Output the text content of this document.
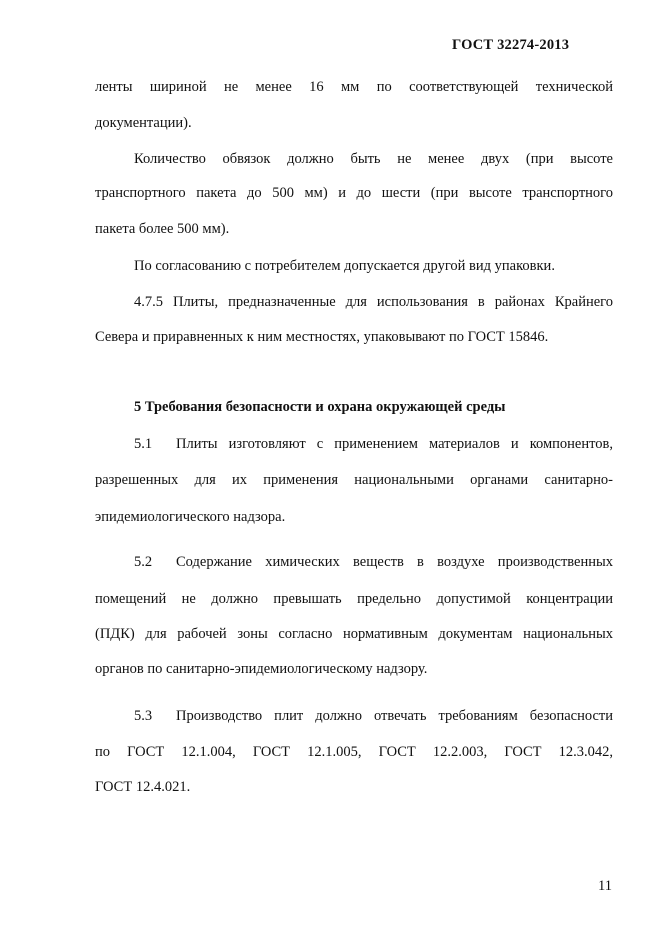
ГОСТ 32274-2013
ленты шириной не менее 16 мм по соответствующей технической
документации).
Количество обвязок должно быть не менее двух (при высоте
транспортного пакета до 500 мм) и до шести (при высоте транспортного
пакета более 500 мм).
По согласованию с потребителем допускается другой вид упаковки.
4.7.5 Плиты, предназначенные для использования в районах Крайнего
Севера и приравненных к ним местностях, упаковывают по ГОСТ 15846.
5 Требования безопасности и охрана окружающей среды
5.1 Плиты изготовляют с применением материалов и компонентов,
разрешенных для их применения национальными органами санитарно-
эпидемиологического надзора.
5.2 Содержание химических веществ в воздухе производственных
помещений не должно превышать предельно допустимой концентрации
(ПДК) для рабочей зоны согласно нормативным документам национальных
органов по санитарно-эпидемиологическому надзору.
5.3 Производство плит должно отвечать требованиям безопасности
по ГОСТ 12.1.004, ГОСТ 12.1.005, ГОСТ 12.2.003, ГОСТ 12.3.042,
ГОСТ 12.4.021.
11
